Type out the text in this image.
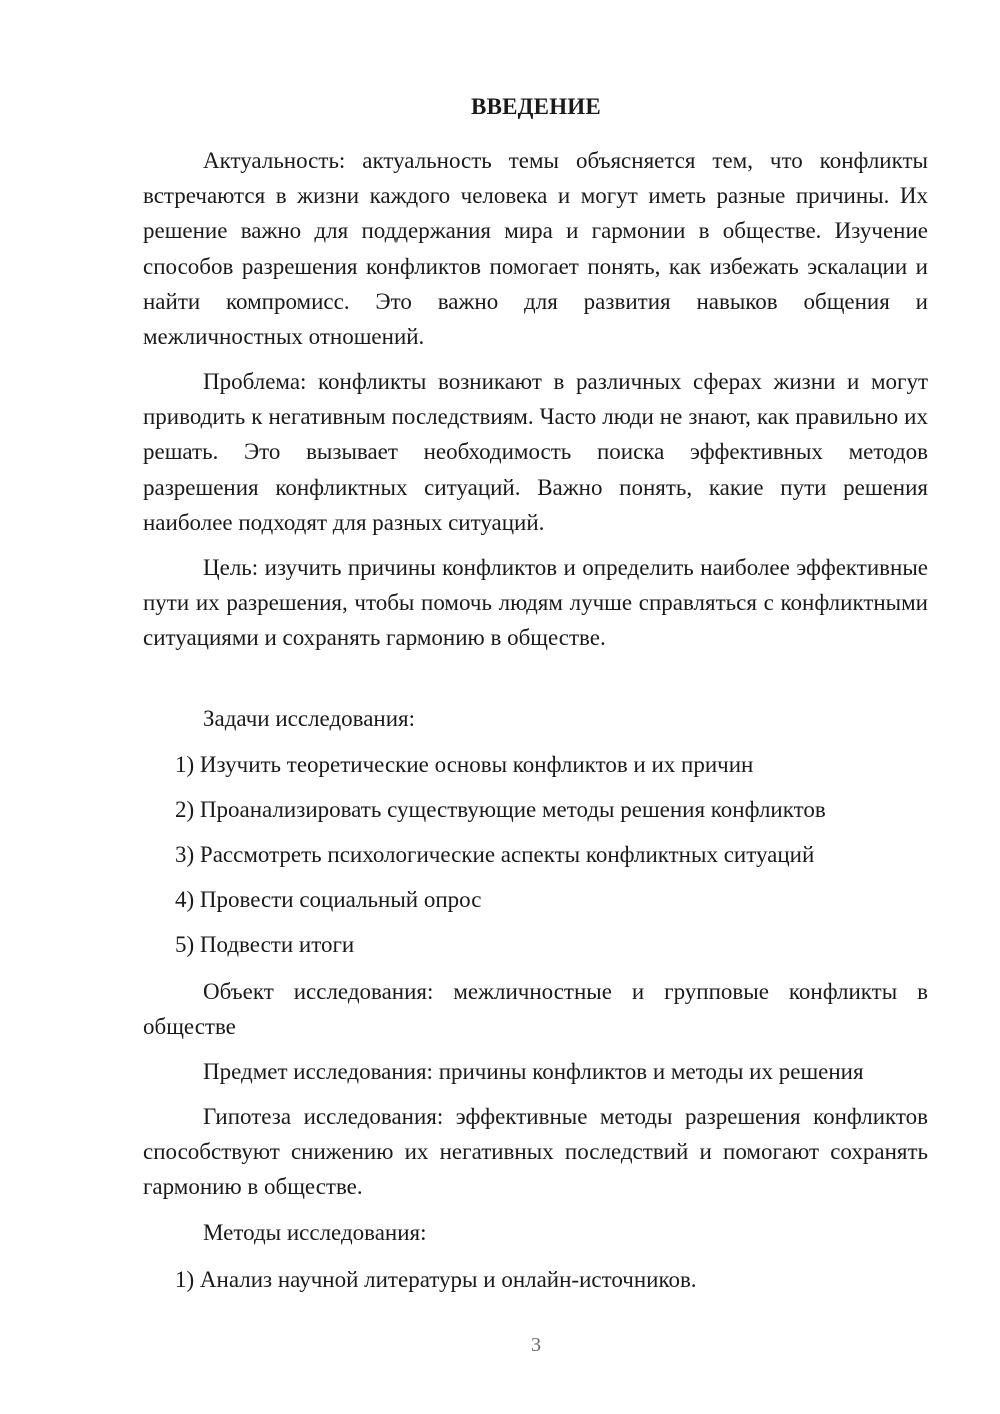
ВВЕДЕНИЕ

Актуальность: актуальность темы объясняется тем, что конфликты встречаются в жизни каждого человека и могут иметь разные причины. Их решение важно для поддержания мира и гармонии в обществе. Изучение способов разрешения конфликтов помогает понять, как избежать эскалации и найти компромисс. Это важно для развития навыков общения и межличностных отношений.

Проблема: конфликты возникают в различных сферах жизни и могут приводить к негативным последствиям. Часто люди не знают, как правильно их решать. Это вызывает необходимость поиска эффективных методов разрешения конфликтных ситуаций. Важно понять, какие пути решения наиболее подходят для разных ситуаций.

Цель: изучить причины конфликтов и определить наиболее эффективные пути их разрешения, чтобы помочь людям лучше справляться с конфликтными ситуациями и сохранять гармонию в обществе.

Задачи исследования:

1) Изучить теоретические основы конфликтов и их причин

2) Проанализировать существующие методы решения конфликтов

3) Рассмотреть психологические аспекты конфликтных ситуаций

4) Провести социальный опрос

5) Подвести итоги

Объект исследования: межличностные и групповые конфликты в обществе

Предмет исследования: причины конфликтов и методы их решения

Гипотеза исследования: эффективные методы разрешения конфликтов способствуют снижению их негативных последствий и помогают сохранять гармонию в обществе.

Методы исследования:

1) Анализ научной литературы и онлайн-источников.

3
